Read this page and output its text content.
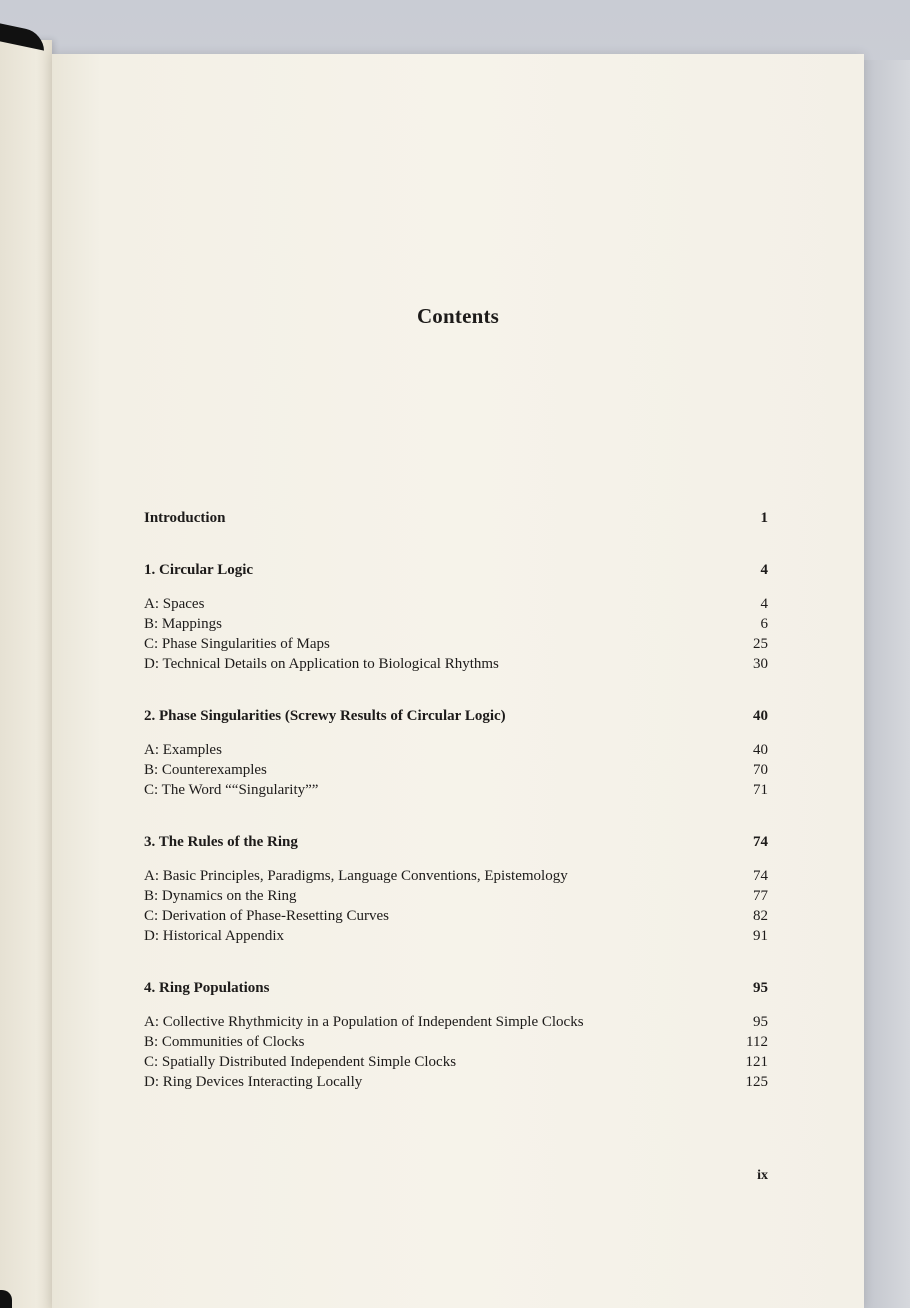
Contents
Introduction	1
1. Circular Logic	4
A: Spaces	4
B: Mappings	6
C: Phase Singularities of Maps	25
D: Technical Details on Application to Biological Rhythms	30
2. Phase Singularities (Screwy Results of Circular Logic)	40
A: Examples	40
B: Counterexamples	70
C: The Word ““Singularity””	71
3. The Rules of the Ring	74
A: Basic Principles, Paradigms, Language Conventions, Epistemology	74
B: Dynamics on the Ring	77
C: Derivation of Phase-Resetting Curves	82
D: Historical Appendix	91
4. Ring Populations	95
A: Collective Rhythmicity in a Population of Independent Simple Clocks	95
B: Communities of Clocks	112
C: Spatially Distributed Independent Simple Clocks	121
D: Ring Devices Interacting Locally	125
ix
